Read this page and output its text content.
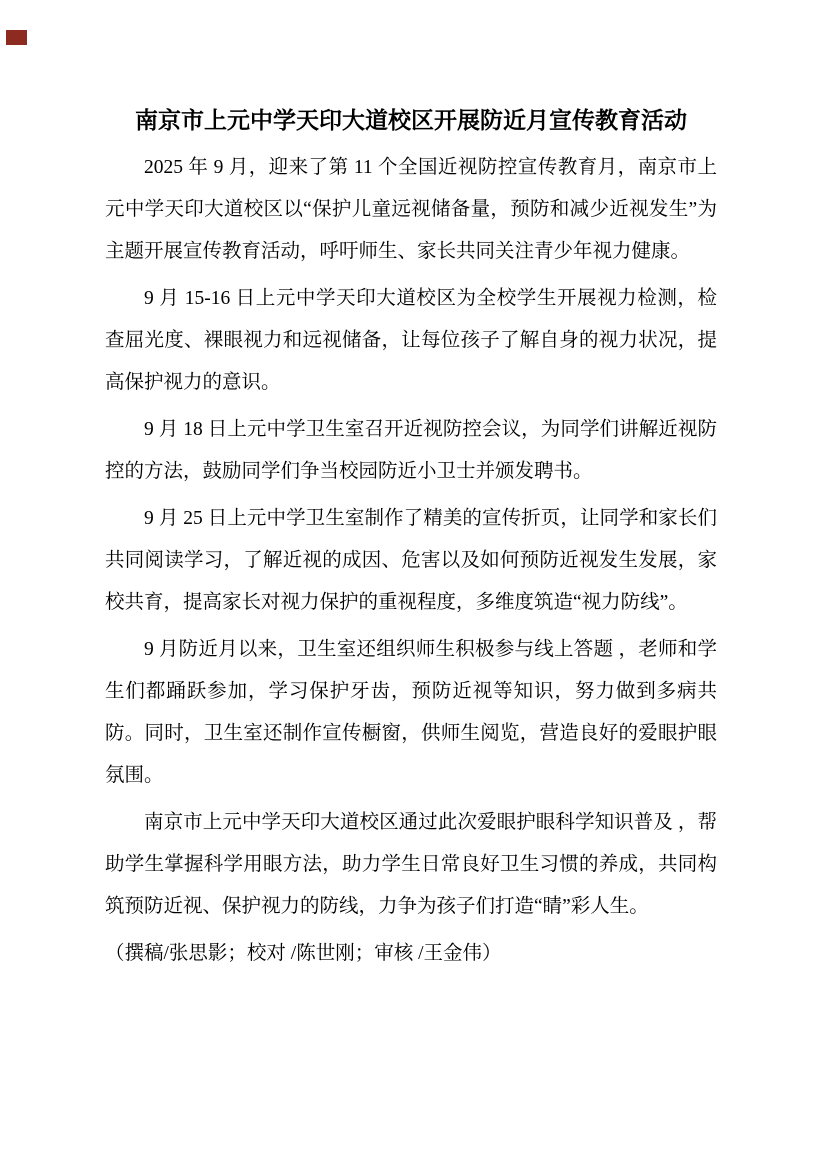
南京市上元中学天印大道校区开展防近月宣传教育活动

2025 年 9 月，迎来了第 11 个全国近视防控宣传教育月，南京市上元中学天印大道校区以“保护儿童远视储备量，预防和减少近视发生”为主题开展宣传教育活动，呼吁师生、家长共同关注青少年视力健康。

9 月 15-16 日上元中学天印大道校区为全校学生开展视力检测，检查屈光度、裸眼视力和远视储备，让每位孩子了解自身的视力状况，提高保护视力的意识。

9 月 18 日上元中学卫生室召开近视防控会议，为同学们讲解近视防控的方法，鼓励同学们争当校园防近小卫士并颁发聘书。

9 月 25 日上元中学卫生室制作了精美的宣传折页，让同学和家长们共同阅读学习，了解近视的成因、危害以及如何预防近视发生发展，家校共育，提高家长对视力保护的重视程度，多维度筑造“视力防线”。

9 月防近月以来，卫生室还组织师生积极参与线上答题 ，老师和学生们都踊跃参加，学习保护牙齿，预防近视等知识，努力做到多病共防。同时，卫生室还制作宣传橱窗，供师生阅览，营造良好的爱眼护眼氛围。

南京市上元中学天印大道校区通过此次爱眼护眼科学知识普及 ，帮助学生掌握科学用眼方法，助力学生日常良好卫生习惯的养成，共同构筑预防近视、保护视力的防线，力争为孩子们打造“睛”彩人生。

（撰稿/张思影；校对 /陈世刚；审核 /王金伟）
